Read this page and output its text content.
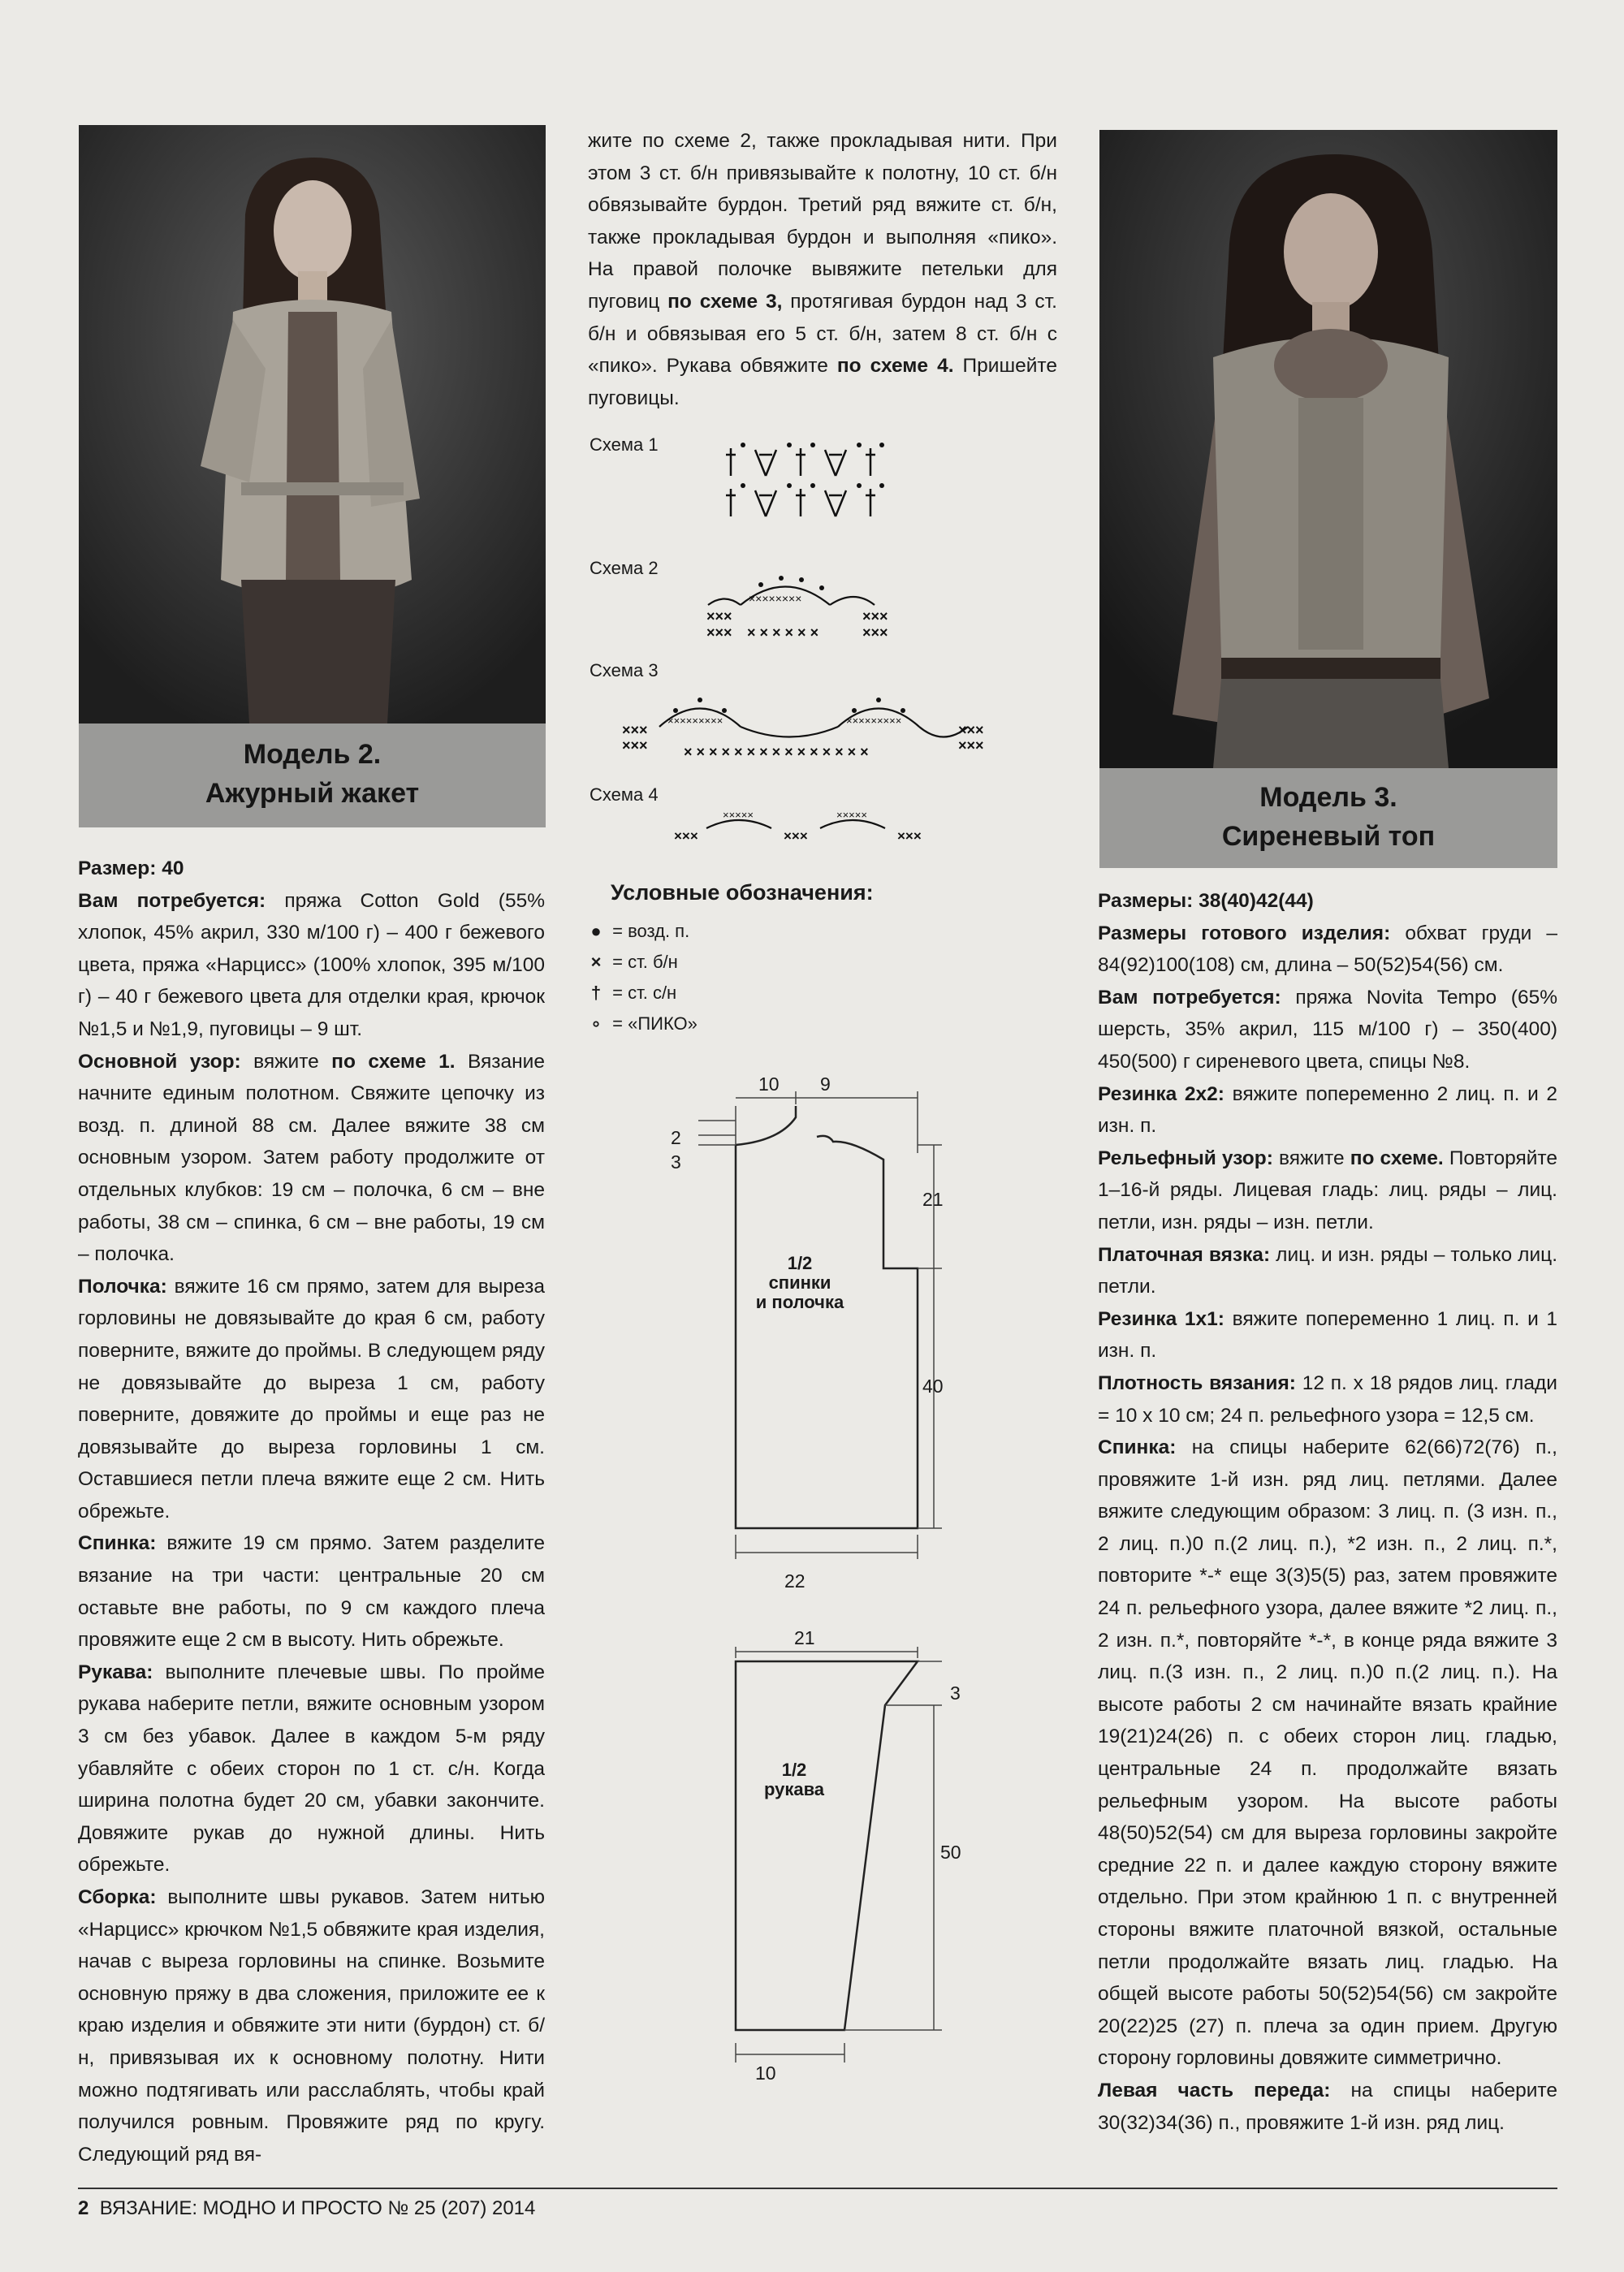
Модель 2.
Ажурный жакет	Модель 3.
Сиреневый топ

Размер: 40

Вам потребуется: пряжа Cotton Gold (55% хлопок, 45% акрил, 330 м/100 г) – 400 г бежевого цвета, пряжа «Нарцисс» (100% хлопок, 395 м/100 г) – 40 г бежевого цвета для отделки края, крючок №1,5 и №1,9, пуговицы – 9 шт.

Основной узор: вяжите по схеме 1. Вязание начните единым полотном. Свяжите цепочку из возд. п. длиной 88 см. Далее вяжите 38 см основным узором. Затем работу продолжите от отдельных клубков: 19 см – полочка, 6 см – вне работы, 38 см – спинка, 6 см – вне работы, 19 см – полочка.

Полочка: вяжите 16 см прямо, затем для выреза горловины не довязывайте до края 6 см, работу поверните, вяжите до проймы. В следующем ряду не довязывайте до выреза 1 см, работу поверните, довяжите до проймы и еще раз не довязывайте до выреза горловины 1 см. Оставшиеся петли плеча вяжите еще 2 см. Нить обрежьте.

Спинка: вяжите 19 см прямо. Затем разделите вязание на три части: центральные 20 см оставьте вне работы, по 9 см каждого плеча провяжите еще 2 см в высоту. Нить обрежьте.

Рукава: выполните плечевые швы. По пройме рукава наберите петли, вяжите основным узором 3 см без убавок. Далее в каждом 5-м ряду убавляйте с обеих сторон по 1 ст. с/н. Когда ширина полотна будет 20 см, убавки закончите. Довяжите рукав до нужной длины. Нить обрежьте.

Сборка: выполните швы рукавов. Затем нитью «Нарцисс» крючком №1,5 обвяжите края изделия, начав с выреза горловины на спинке. Возьмите основную пряжу в два сложения, приложите ее к краю изделия и обвяжите эти нити (бурдон) ст. б/н, привязывая их к основному полотну. Нити можно подтягивать или расслаблять, чтобы край получился ровным. Провяжите ряд по кругу. Следующий ряд вя-

жите по схеме 2, также прокладывая нити. При этом 3 ст. б/н привязывайте к полотну, 10 ст. б/н обвязывайте бурдон. Третий ряд вяжите ст. б/н, также прокладывая бурдон и выполняя «пико». На правой полочке вывяжите петельки для пуговиц по схеме 3, протягивая бурдон над 3 ст. б/н и обвязывая его 5 ст. б/н, затем 8 ст. б/н с «пико». Рукава обвяжите по схеме 4. Пришейте пуговицы.

Схема 1
Схема 2
Схема 3
Схема 4
×××
××× × × × × × ×
×××
×××
××××××××
×××
××× × × × × × × × × × × × × × × ×
×××
×××
×××××××××	×××××××××
×××	×××	×××
×××××	×××××
Условные обозначения:
● = возд. п.
× = ст. б/н
† = ст. с/н
∘ = «ПИКО»
10 9
2
3
21
40
22
1/2
спинки
и полочка
21
3
50
10
1/2
рукава

Размеры: 38(40)42(44)

Размеры готового изделия: обхват груди – 84(92)100(108) см, длина – 50(52)54(56) см.

Вам потребуется: пряжа Novita Tempo (65% шерсть, 35% акрил, 115 м/100 г) – 350(400) 450(500) г сиреневого цвета, спицы №8.

Резинка 2х2: вяжите попеременно 2 лиц. п. и 2 изн. п.

Рельефный узор: вяжите по схеме. Повторяйте 1–16-й ряды. Лицевая гладь: лиц. ряды – лиц. петли, изн. ряды – изн. петли.

Платочная вязка: лиц. и изн. ряды – только лиц. петли.

Резинка 1х1: вяжите попеременно 1 лиц. п. и 1 изн. п.

Плотность вязания: 12 п. х 18 рядов лиц. глади = 10 х 10 см; 24 п. рельефного узора = 12,5 см.

Спинка: на спицы наберите 62(66)72(76) п., провяжите 1-й изн. ряд лиц. петлями. Далее вяжите следующим образом: 3 лиц. п. (3 изн. п., 2 лиц. п.)0 п.(2 лиц. п.), *2 изн. п., 2 лиц. п.*, повторите *-* еще 3(3)5(5) раз, затем провяжите 24 п. рельефного узора, далее вяжите *2 лиц. п., 2 изн. п.*, повторяйте *-*, в конце ряда вяжите 3 лиц. п.(3 изн. п., 2 лиц. п.)0 п.(2 лиц. п.). На высоте работы 2 см начинайте вязать крайние 19(21)24(26) п. с обеих сторон лиц. гладью, центральные 24 п. продолжайте вязать рельефным узором. На высоте работы 48(50)52(54) см для выреза горловины закройте средние 22 п. и далее каждую сторону вяжите отдельно. При этом крайнюю 1 п. с внутренней стороны вяжите платочной вязкой, остальные петли продолжайте вязать лиц. гладью. На общей высоте работы 50(52)54(56) см закройте 20(22)25 (27) п. плеча за один прием. Другую сторону горловины довяжите симметрично.

Левая часть переда: на спицы наберите 30(32)34(36) п., провяжите 1-й изн. ряд лиц.

2 ВЯЗАНИЕ: МОДНО И ПРОСТО № 25 (207) 2014
